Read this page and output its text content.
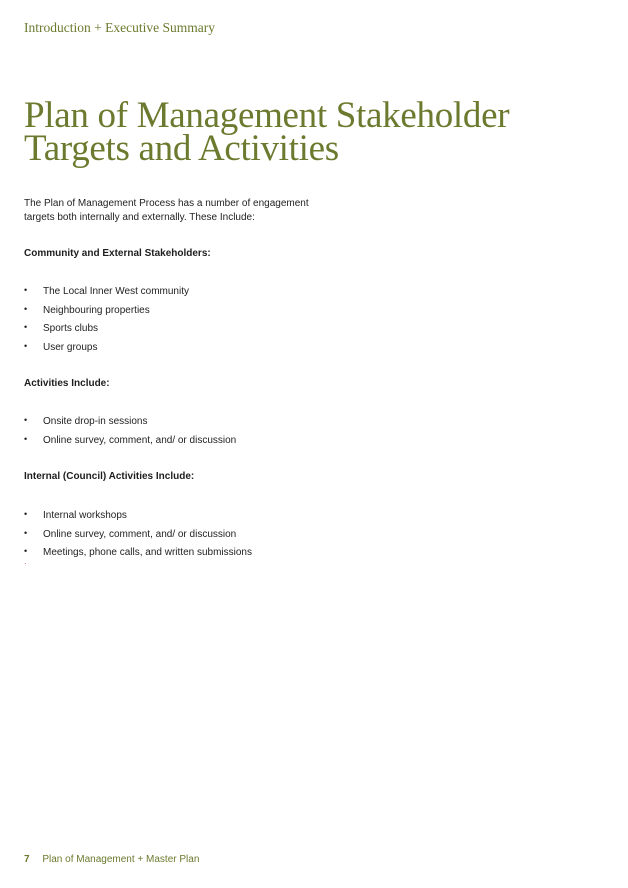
Introduction + Executive Summary
Plan of Management Stakeholder
Targets and Activities
The Plan of Management Process has a number of engagement
targets both internally and externally. These Include:
Community and External Stakeholders:
• The Local Inner West community
• Neighbouring properties
• Sports clubs
• User groups
Activities Include:
• Onsite drop-in sessions
• Online survey, comment, and/ or discussion
Internal (Council) Activities Include:
• Internal workshops
• Online survey, comment, and/ or discussion
• Meetings, phone calls, and written submissions
·
7 Plan of Management + Master Plan
